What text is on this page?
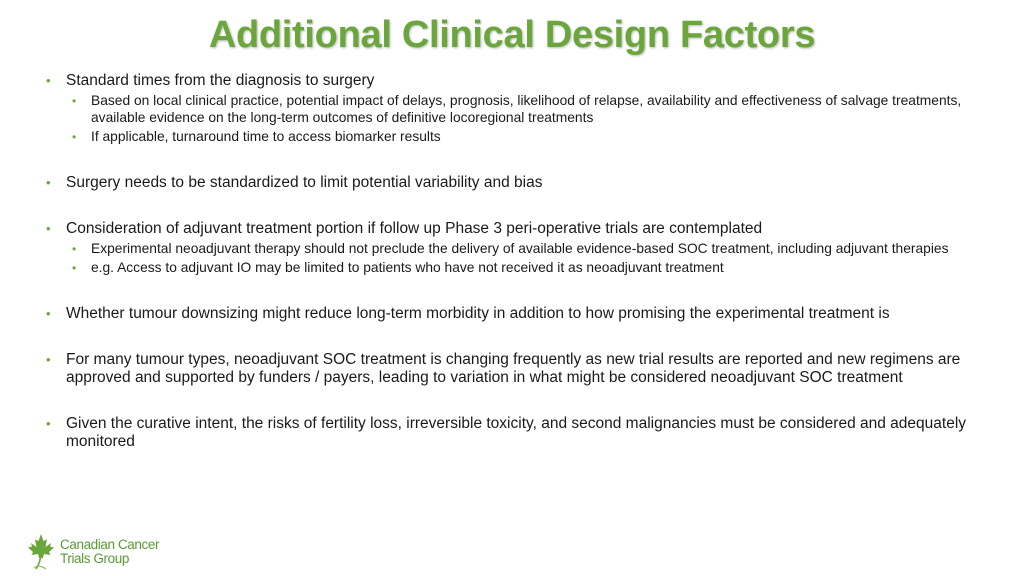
Additional Clinical Design Factors
• Standard times from the diagnosis to surgery
• Based on local clinical practice, potential impact of delays, prognosis, likelihood of relapse, availability and effectiveness of salvage treatments, available evidence on the long-term outcomes of definitive locoregional treatments
• If applicable, turnaround time to access biomarker results
• Surgery needs to be standardized to limit potential variability and bias
• Consideration of adjuvant treatment portion if follow up Phase 3 peri-operative trials are contemplated
• Experimental neoadjuvant therapy should not preclude the delivery of available evidence-based SOC treatment, including adjuvant therapies
• e.g. Access to adjuvant IO may be limited to patients who have not received it as neoadjuvant treatment
• Whether tumour downsizing might reduce long-term morbidity in addition to how promising the experimental treatment is
• For many tumour types, neoadjuvant SOC treatment is changing frequently as new trial results are reported and new regimens are approved and supported by funders / payers, leading to variation in what might be considered neoadjuvant SOC treatment
• Given the curative intent, the risks of fertility loss, irreversible toxicity, and second malignancies must be considered and adequately monitored
Canadian Cancer
Trials Group
